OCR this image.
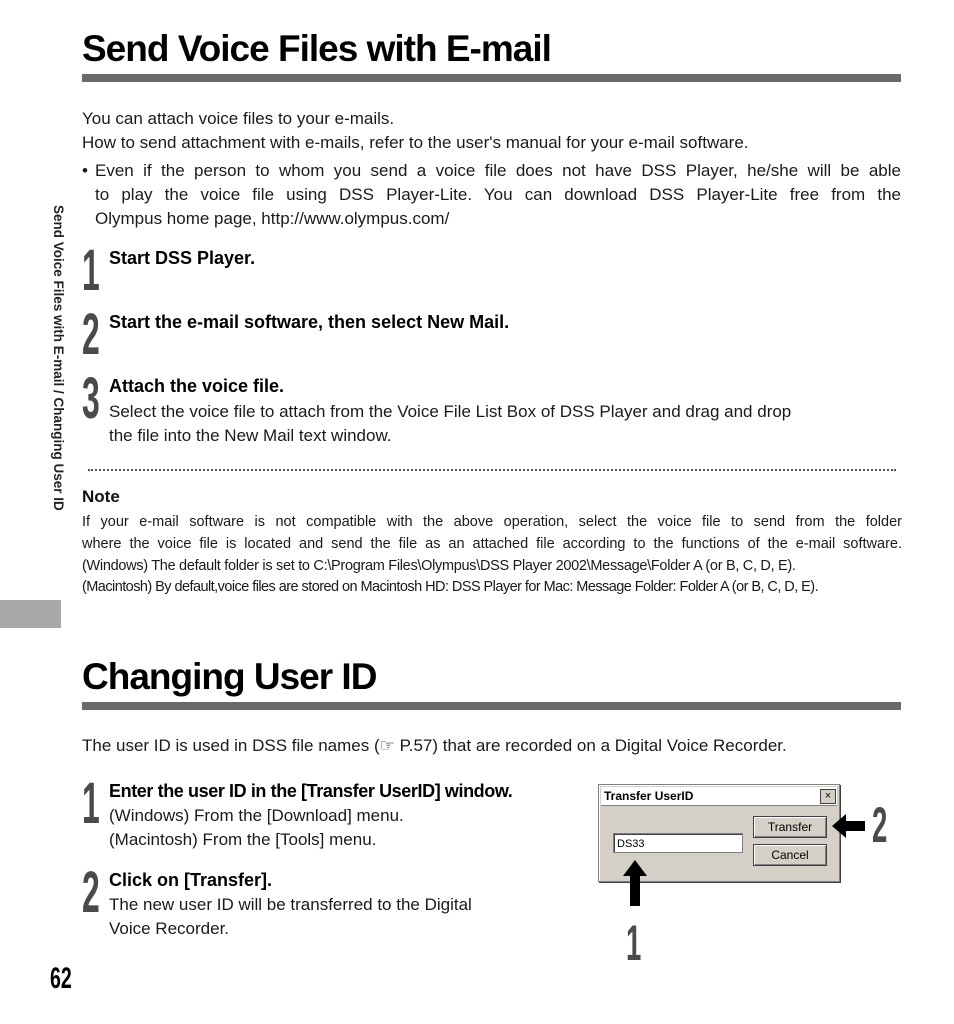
Send Voice Files with E-mail / Changing User ID
Send Voice Files with E-mail
You can attach voice files to your e-mails.
How to send attachment with e-mails, refer to the user's manual for your e-mail software.
• Even if the person to whom you send a voice file does not have DSS Player, he/she will be able
to play the voice file using DSS Player-Lite. You can download DSS Player-Lite free from the
Olympus home page, http://www.olympus.com/
1 Start DSS Player.
2 Start the e-mail software, then select New Mail.
3 Attach the voice file.
Select the voice file to attach from the Voice File List Box of DSS Player and drag and drop
the file into the New Mail text window.
Note
If your e-mail software is not compatible with the above operation, select the voice file to send from the folder
where the voice file is located and send the file as an attached file according to the functions of the e-mail software.
(Windows) The default folder is set to C:\Program Files\Olympus\DSS Player 2002\Message\Folder A (or B, C, D, E).
(Macintosh) By default,voice files are stored on Macintosh HD: DSS Player for Mac: Message Folder: Folder A (or B, C, D, E).
Changing User ID
The user ID is used in DSS file names (☞ P.57) that are recorded on a Digital Voice Recorder.
1 Enter the user ID in the [Transfer UserID] window.
(Windows) From the [Download] menu.
(Macintosh) From the [Tools] menu.
2 Click on [Transfer].
The new user ID will be transferred to the Digital
Voice Recorder.
Transfer UserID	×
DS33
Transfer
Cancel
2
1
62
